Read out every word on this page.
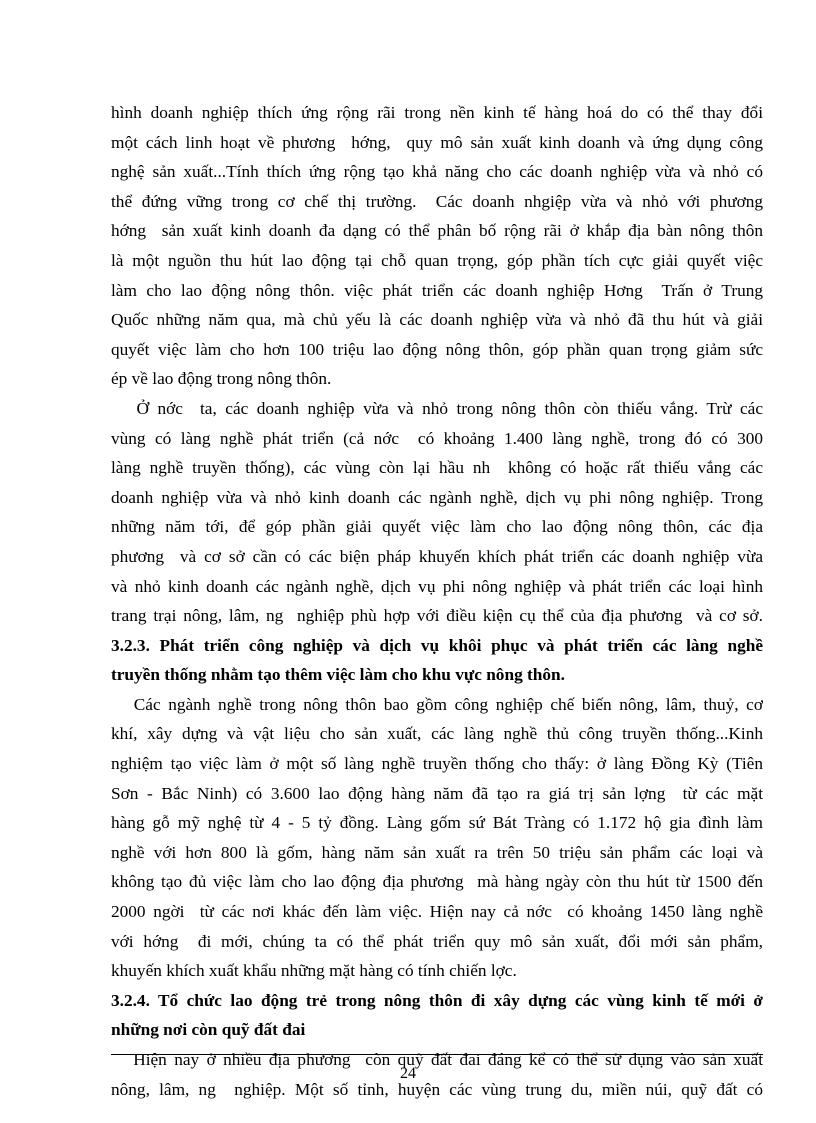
hình doanh nghiệp thích ứng rộng rãi trong nền kinh tế hàng hoá do có thể thay đổi
một cách linh hoạt về phương  hớng,  quy mô sản xuất kinh doanh và ứng dụng công
nghệ sản xuất...Tính thích ứng rộng tạo khả năng cho các doanh nghiệp vừa và nhỏ có
thể đứng vững trong cơ chế thị trường.  Các doanh nhgiệp vừa và nhỏ với phương
hớng  sản xuất kinh doanh đa dạng có thể phân bố rộng rãi ở khắp địa bàn nông thôn
là một nguồn thu hút lao động tại chỗ quan trọng, góp phần tích cực giải quyết việc
làm cho lao động nông thôn. việc phát triển các doanh nghiệp Hơng  Trấn ở Trung
Quốc những năm qua, mà chủ yếu là các doanh nghiệp vừa và nhỏ đã thu hút và giải
quyết việc làm cho hơn 100 triệu lao động nông thôn, góp phần quan trọng giảm sức
ép về lao động trong nông thôn.
Ở nớc  ta, các doanh nghiệp vừa và nhỏ trong nông thôn còn thiếu vắng. Trừ các
vùng có làng nghề phát triển (cả nớc  có khoảng 1.400 làng nghề, trong đó có 300
làng nghề truyền thống), các vùng còn lại hầu nh  không có hoặc rất thiếu vắng các
doanh nghiệp vừa và nhỏ kinh doanh các ngành nghề, dịch vụ phi nông nghiệp. Trong
những năm tới, để góp phần giải quyết việc làm cho lao động nông thôn, các địa
phương  và cơ sở cần có các biện pháp khuyến khích phát triển các doanh nghiệp vừa
và nhỏ kinh doanh các ngành nghề, dịch vụ phi nông nghiệp và phát triển các loại hình
trang trại nông, lâm, ng  nghiệp phù hợp với điều kiện cụ thể của địa phương  và cơ sở.
3.2.3. Phát triển công nghiệp và dịch vụ khôi phục và phát triển các làng nghề
truyền thống nhằm tạo thêm việc làm cho khu vực nông thôn.
Các ngành nghề trong nông thôn bao gồm công nghiệp chế biến nông, lâm, thuỷ, cơ
khí, xây dựng và vật liệu cho sản xuất, các làng nghề thủ công truyền thống...Kinh
nghiệm tạo việc làm ở một số làng nghề truyền thống cho thấy: ở làng Đồng Kỳ (Tiên
Sơn - Bắc Ninh) có 3.600 lao động hàng năm đã tạo ra giá trị sản lợng  từ các mặt
hàng gỗ mỹ nghệ từ 4 - 5 tỷ đồng. Làng gốm sứ Bát Tràng có 1.172 hộ gia đình làm
nghề với hơn 800 là gốm, hàng năm sản xuất ra trên 50 triệu sản phẩm các loại và
không tạo đủ việc làm cho lao động địa phương  mà hàng ngày còn thu hút từ 1500 đến
2000 ngời  từ các nơi khác đến làm việc. Hiện nay cả nớc  có khoảng 1450 làng nghề
với hớng  đi mới, chúng ta có thể phát triển quy mô sản xuất, đổi mới sản phẩm,
khuyến khích xuất khẩu những mặt hàng có tính chiến lợc.
3.2.4. Tổ chức lao động trẻ trong nông thôn đi xây dựng các vùng kinh tế mới ở
những nơi còn quỹ đất đai
Hiện nay ở nhiều địa phương  còn quỹ đất đai đáng kể có thể sử dụng vào sản xuất
nông, lâm, ng  nghiệp. Một số tỉnh, huyện các vùng trung du, miền núi, quỹ đất có
24
